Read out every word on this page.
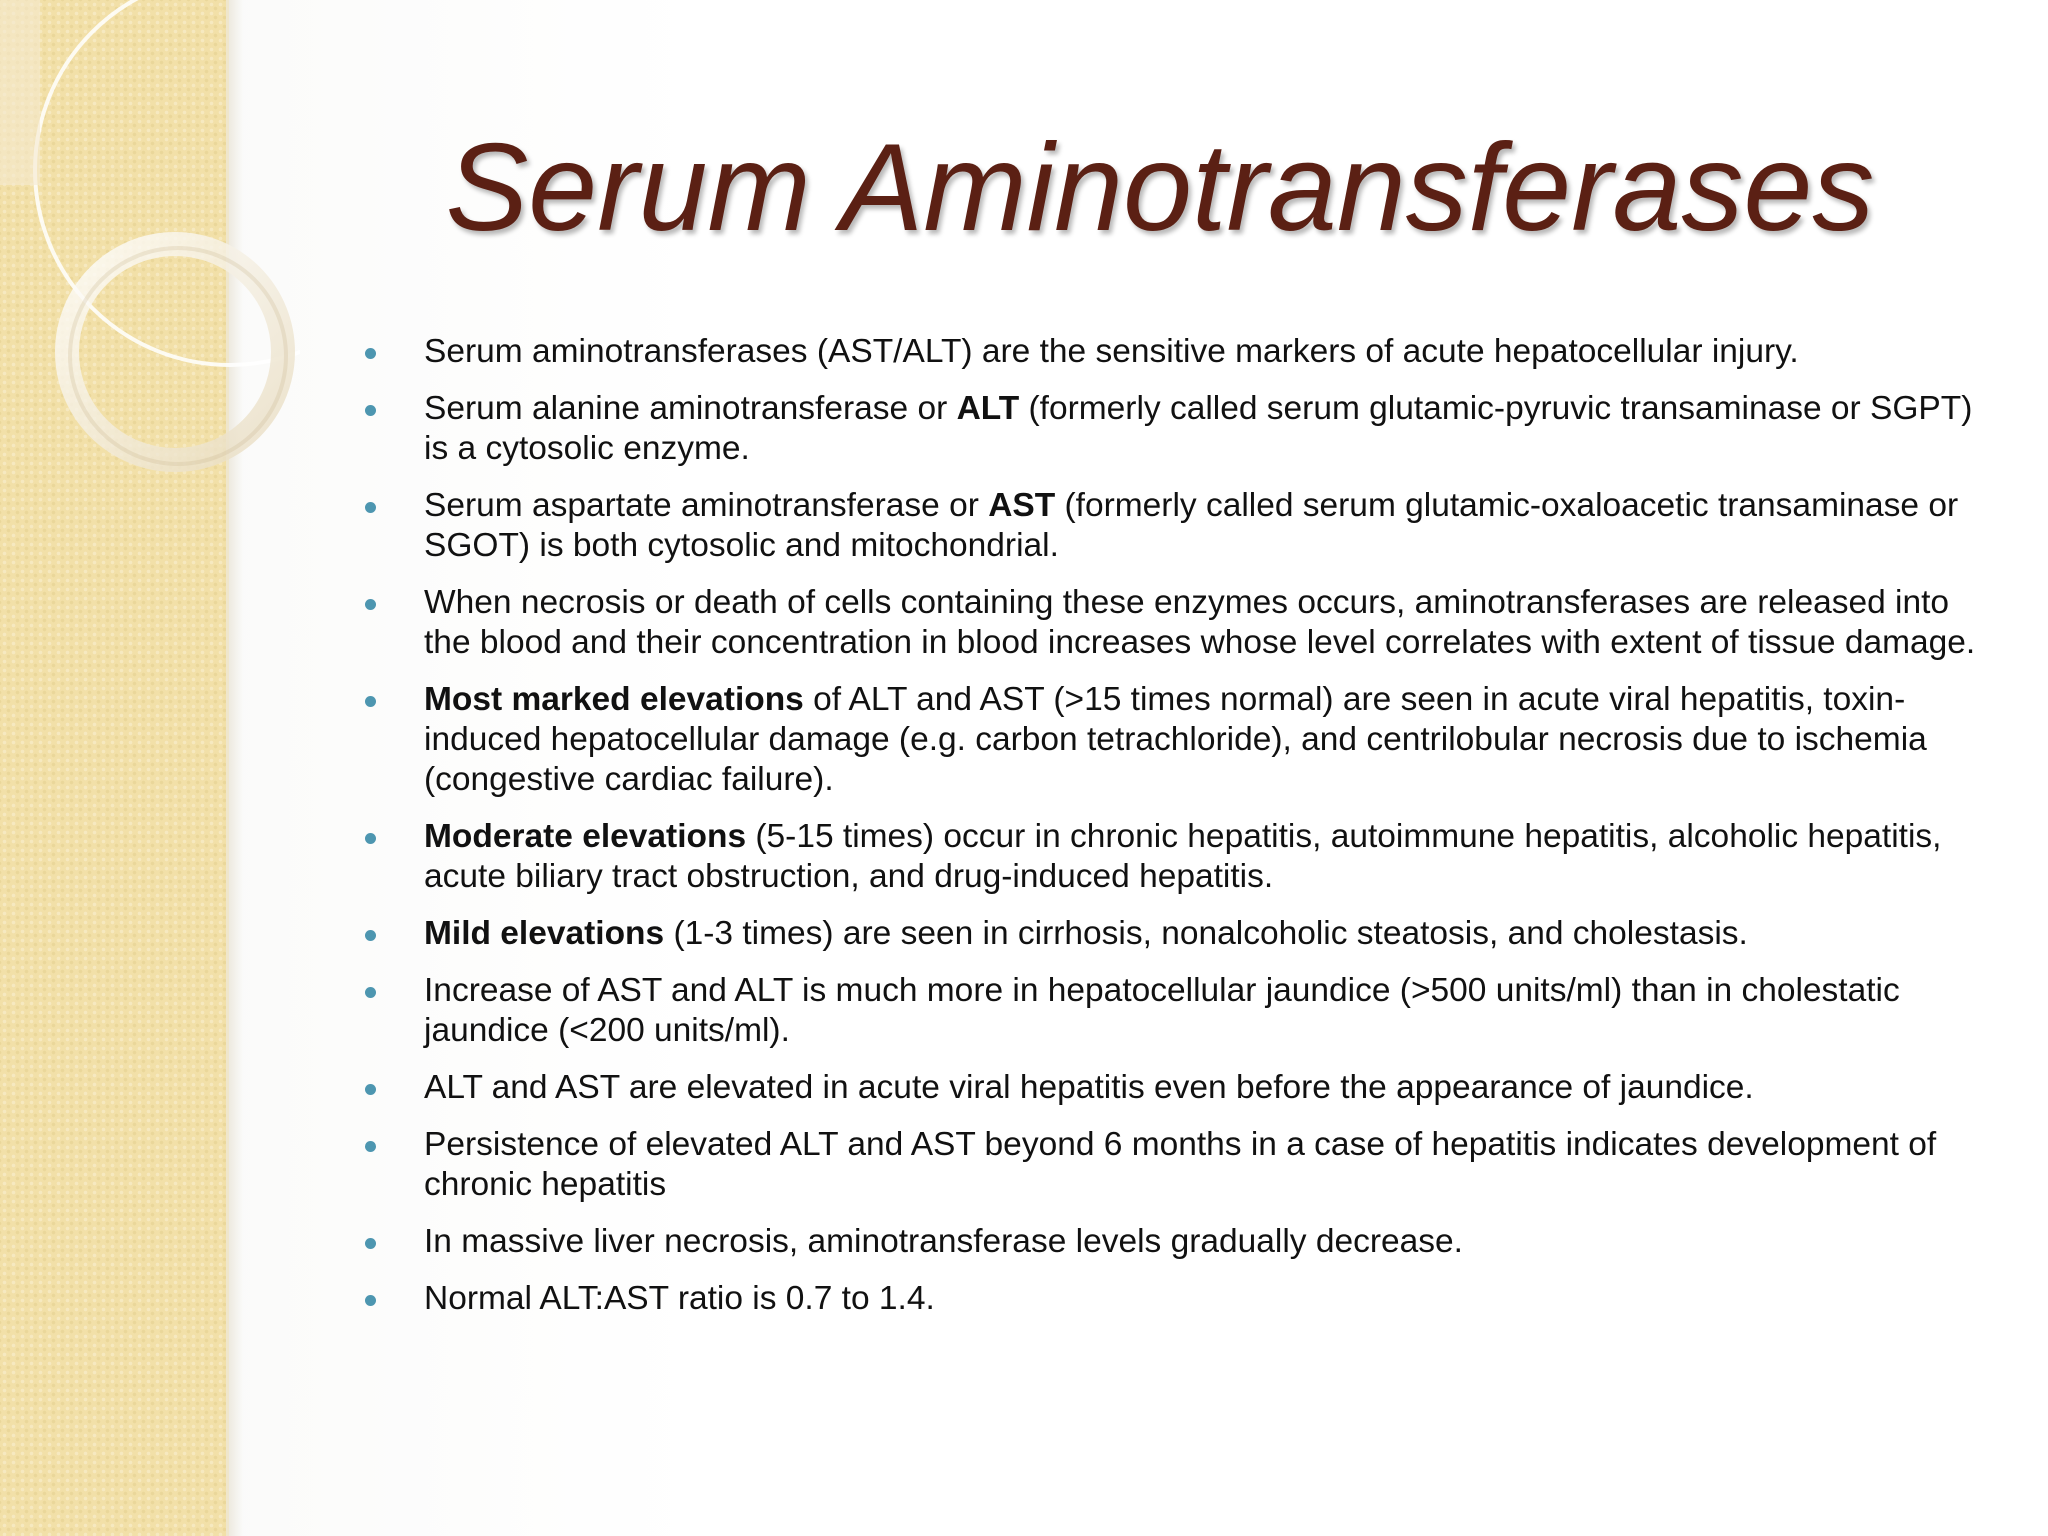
Serum Aminotransferases
Serum aminotransferases (AST/ALT) are the sensitive markers of acute hepatocellular injury.
Serum alanine aminotransferase or ALT (formerly called serum glutamic-pyruvic transaminase or SGPT) is a cytosolic enzyme.
Serum aspartate aminotransferase or AST (formerly called serum glutamic-oxaloacetic transaminase or SGOT) is both cytosolic and mitochondrial.
When necrosis or death of cells containing these enzymes occurs, aminotransferases are released into the blood and their concentration in blood increases whose level correlates with extent of tissue damage.
Most marked elevations of ALT and AST (>15 times normal) are seen in acute viral hepatitis, toxin-induced hepatocellular damage (e.g. carbon tetrachloride), and centrilobular necrosis due to ischemia (congestive cardiac failure).
Moderate elevations (5-15 times) occur in chronic hepatitis, autoimmune hepatitis, alcoholic hepatitis, acute biliary tract obstruction, and drug-induced hepatitis.
Mild elevations (1-3 times) are seen in cirrhosis, nonalcoholic steatosis, and cholestasis.
Increase of AST and ALT is much more in hepatocellular jaundice (>500 units/ml) than in cholestatic jaundice (<200 units/ml).
ALT and AST are elevated in acute viral hepatitis even before the appearance of jaundice.
Persistence of elevated ALT and AST beyond 6 months in a case of hepatitis indicates development of chronic hepatitis
In massive liver necrosis, aminotransferase levels gradually decrease.
Normal ALT:AST ratio is 0.7 to 1.4.
